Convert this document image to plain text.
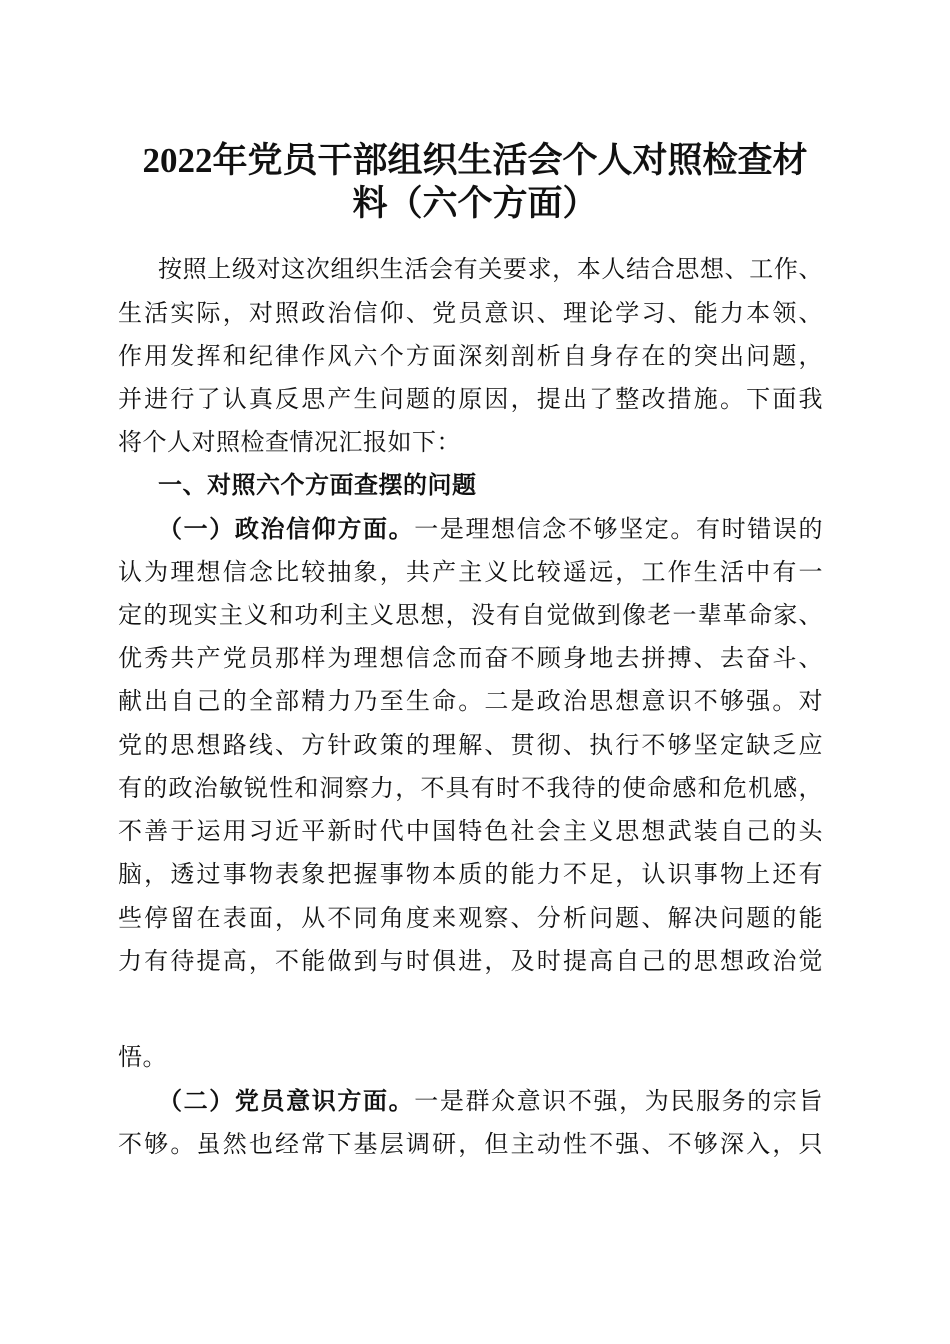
2022年党员干部组织生活会个人对照检查材
料（六个方面）
按照上级对这次组织生活会有关要求，本人结合思想、工作、
生活实际，对照政治信仰、党员意识、理论学习、能力本领、
作用发挥和纪律作风六个方面深刻剖析自身存在的突出问题，
并进行了认真反思产生问题的原因，提出了整改措施。下面我
将个人对照检查情况汇报如下：
一、对照六个方面查摆的问题
（一）政治信仰方面。一是理想信念不够坚定。有时错误的
认为理想信念比较抽象，共产主义比较遥远，工作生活中有一
定的现实主义和功利主义思想，没有自觉做到像老一辈革命家、
优秀共产党员那样为理想信念而奋不顾身地去拼搏、去奋斗、
献出自己的全部精力乃至生命。二是政治思想意识不够强。对
党的思想路线、方针政策的理解、贯彻、执行不够坚定缺乏应
有的政治敏锐性和洞察力，不具有时不我待的使命感和危机感，
不善于运用习近平新时代中国特色社会主义思想武装自己的头
脑，透过事物表象把握事物本质的能力不足，认识事物上还有
些停留在表面，从不同角度来观察、分析问题、解决问题的能
力有待提高，不能做到与时俱进，及时提高自己的思想政治觉
悟。
（二）党员意识方面。一是群众意识不强，为民服务的宗旨
不够。虽然也经常下基层调研，但主动性不强、不够深入，只
